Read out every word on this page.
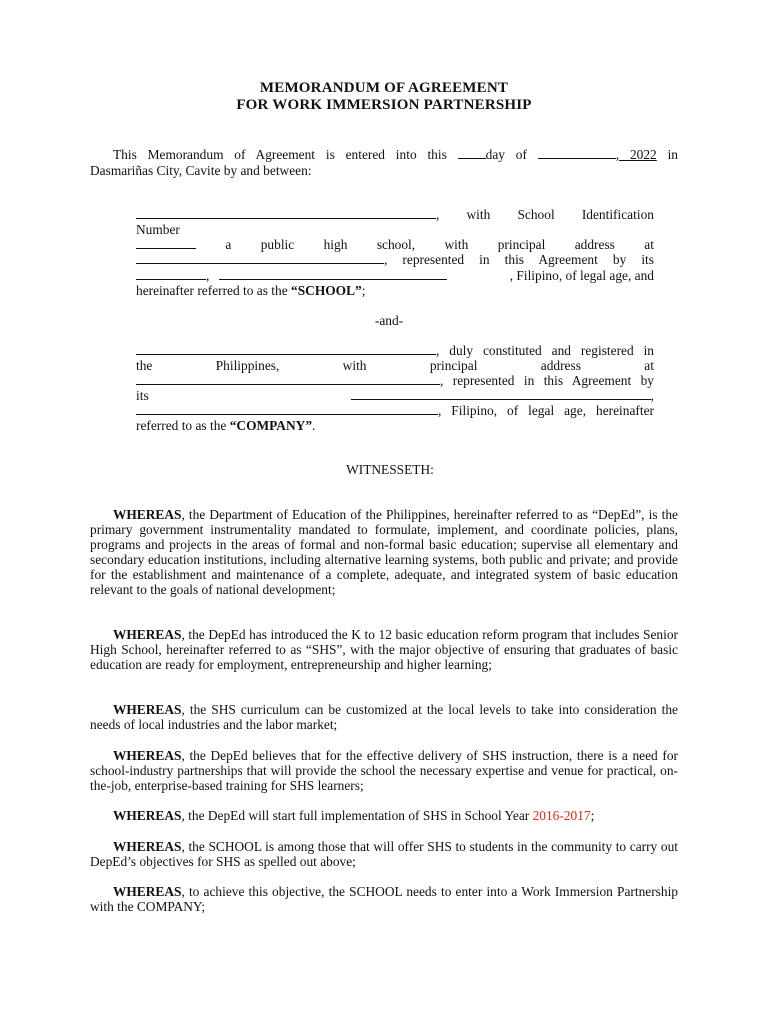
MEMORANDUM OF AGREEMENT
FOR WORK IMMERSION PARTNERSHIP
This Memorandum of Agreement is entered into this	day of	, 2022 in
Dasmariñas City, Cavite by and between:
, with School Identification
Number
a public high school, with principal address at
, represented in this Agreement by its
,	, Filipino, of legal age, and
hereinafter referred to as the “SCHOOL”;
-and-
, duly constituted and registered in
the	Philippines,	with	principal	address	at
, represented in this Agreement by
its	,
, Filipino, of legal age, hereinafter
referred to as the “COMPANY”.
WITNESSETH:
WHEREAS, the Department of Education of the Philippines, hereinafter referred to as “DepEd”, is the primary government instrumentality mandated to formulate, implement, and coordinate policies, plans, programs and projects in the areas of formal and non-formal basic education; supervise all elementary and secondary education institutions, including alternative learning systems, both public and private; and provide for the establishment and maintenance of a complete, adequate, and integrated system of basic education relevant to the goals of national development;
WHEREAS, the DepEd has introduced the K to 12 basic education reform program that includes Senior High School, hereinafter referred to as “SHS”, with the major objective of ensuring that graduates of basic education are ready for employment, entrepreneurship and higher learning;
WHEREAS, the SHS curriculum can be customized at the local levels to take into consideration the needs of local industries and the labor market;
WHEREAS, the DepEd believes that for the effective delivery of SHS instruction, there is a need for school-industry partnerships that will provide the school the necessary expertise and venue for practical, on-the-job, enterprise-based training for SHS learners;
WHEREAS, the DepEd will start full implementation of SHS in School Year 2016-2017;
WHEREAS, the SCHOOL is among those that will offer SHS to students in the community to carry out DepEd’s objectives for SHS as spelled out above;
WHEREAS, to achieve this objective, the SCHOOL needs to enter into a Work Immersion Partnership with the COMPANY;
